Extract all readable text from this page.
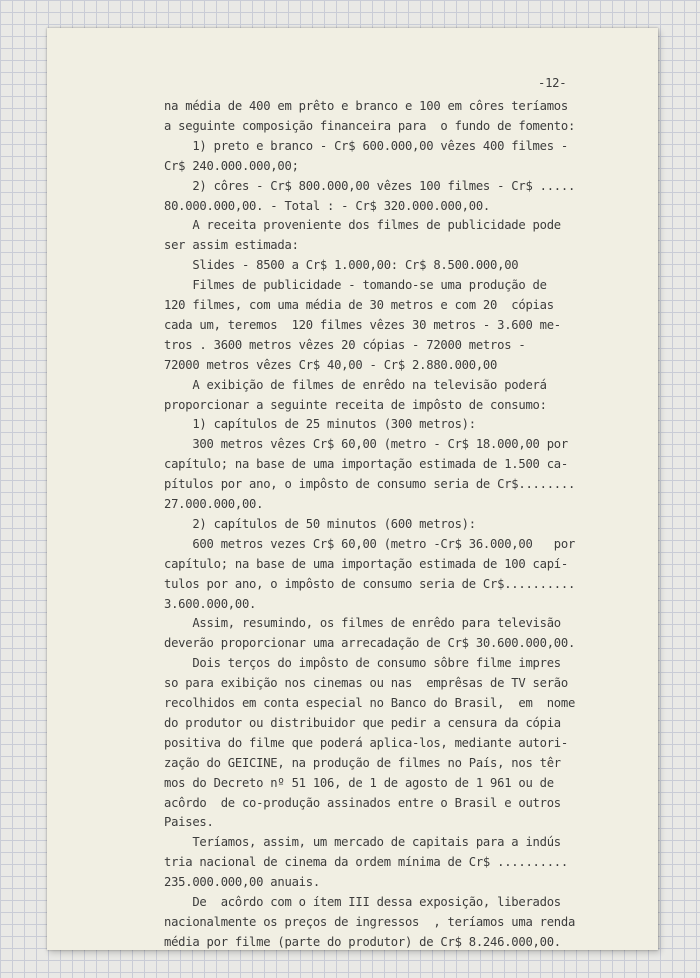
-12-
na média de 400 em prêto e branco e 100 em côres teríamos
a seguinte composição financeira para  o fundo de fomento:
1) preto e branco - Cr$ 600.000,00 vêzes 400 filmes -
Cr$ 240.000.000,00;
2) côres - Cr$ 800.000,00 vêzes 100 filmes - Cr$ .....
80.000.000,00. - Total : - Cr$ 320.000.000,00.
A receita proveniente dos filmes de publicidade pode
ser assim estimada:
Slides - 8500 a Cr$ 1.000,00: Cr$ 8.500.000,00
Filmes de publicidade - tomando-se uma produção de
120 filmes, com uma média de 30 metros e com 20  cópias
cada um, teremos  120 filmes vêzes 30 metros - 3.600 me-
tros . 3600 metros vêzes 20 cópias - 72000 metros -
72000 metros vêzes Cr$ 40,00 - Cr$ 2.880.000,00
A exibição de filmes de enrêdo na televisão poderá
proporcionar a seguinte receita de impôsto de consumo:
1) capítulos de 25 minutos (300 metros):
300 metros vêzes Cr$ 60,00 (metro - Cr$ 18.000,00 por
capítulo; na base de uma importação estimada de 1.500 ca-
pítulos por ano, o impôsto de consumo seria de Cr$........
27.000.000,00.
2) capítulos de 50 minutos (600 metros):
600 metros vezes Cr$ 60,00 (metro -Cr$ 36.000,00   por
capítulo; na base de uma importação estimada de 100 capí-
tulos por ano, o impôsto de consumo seria de Cr$..........
3.600.000,00.
Assim, resumindo, os filmes de enrêdo para televisão
deverão proporcionar uma arrecadação de Cr$ 30.600.000,00.
Dois terços do impôsto de consumo sôbre filme impres
so para exibição nos cinemas ou nas  emprêsas de TV serão
recolhidos em conta especial no Banco do Brasil,  em  nome
do produtor ou distribuidor que pedir a censura da cópia
positiva do filme que poderá aplica-los, mediante autori-
zação do GEICINE, na produção de filmes no País, nos têr
mos do Decreto nº 51 106, de 1 de agosto de 1 961 ou de
acôrdo  de co-produção assinados entre o Brasil e outros
Paises.
Teríamos, assim, um mercado de capitais para a indús
tria nacional de cinema da ordem mínima de Cr$ ..........
235.000.000,00 anuais.
De  acôrdo com o ítem III dessa exposição, liberados
nacionalmente os preços de ingressos  , teríamos uma renda
média por filme (parte do produtor) de Cr$ 8.246.000,00.
